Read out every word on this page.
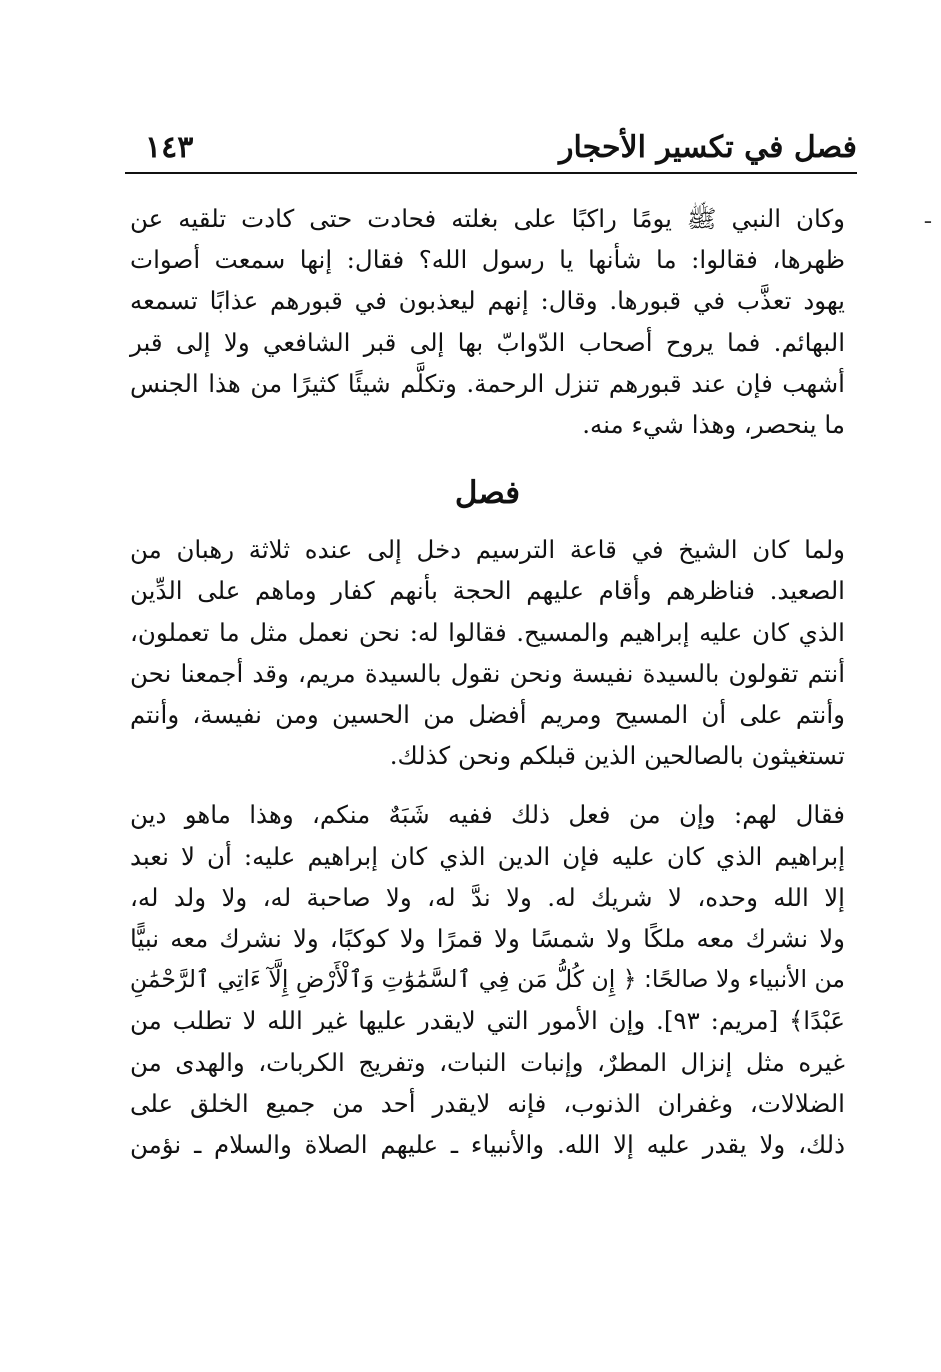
فصل في تكسير الأحجار
١٤٣
ـ
وكان النبي ﷺ يومًا راكبًا على بغلته فحادت حتى كادت تلقيه عن
ظهرها، فقالوا: ما شأنها يا رسول الله؟ فقال: إنها سمعت أصوات
يهود تعذَّب في قبورها. وقال: إنهم ليعذبون في قبورهم عذابًا تسمعه
البهائم. فما يروح أصحاب الدّوابّ بها إلى قبر الشافعي ولا إلى قبر
أشهب فإن عند قبورهم تنزل الرحمة. وتكلَّم شيئًا كثيرًا من هذا الجنس
ما ينحصر، وهذا شيء منه.
فصل
ولما كان الشيخ في قاعة الترسيم دخل إلى عنده ثلاثة رهبان من
الصعيد. فناظرهم وأقام عليهم الحجة بأنهم كفار وماهم على الدِّين
الذي كان عليه إبراهيم والمسيح. فقالوا له: نحن نعمل مثل ما تعملون،
أنتم تقولون بالسيدة نفيسة ونحن نقول بالسيدة مريم، وقد أجمعنا نحن
وأنتم على أن المسيح ومريم أفضل من الحسين ومن نفيسة، وأنتم
تستغيثون بالصالحين الذين قبلكم ونحن كذلك.
فقال لهم: وإن من فعل ذلك ففيه شَبَهٌ منكم، وهذا ماهو دين
إبراهيم الذي كان عليه فإن الدين الذي كان إبراهيم عليه: أن لا نعبد
إلا الله وحده، لا شريك له. ولا ندَّ له، ولا صاحبة له، ولا ولد له،
ولا نشرك معه ملكًا ولا شمسًا ولا قمرًا ولا كوكبًا، ولا نشرك معه نبيًّا
من الأنبياء ولا صالحًا: ﴿ إِن كُلُّ مَن فِي ٱلسَّمَٰوَٰتِ وَٱلْأَرْضِ إِلَّآ ءَاتِي ٱلرَّحْمَٰنِ
عَبْدًا﴾ [مريم: ٩٣]. وإن الأمور التي لايقدر عليها غير الله لا تطلب من
غيره مثل إنزال المطرٌ، وإنبات النبات، وتفريج الكربات، والهدى من
الضلالات، وغفران الذنوب، فإنه لايقدر أحد من جميع الخلق على
ذلك، ولا يقدر عليه إلا الله. والأنبياء ـ عليهم الصلاة والسلام ـ نؤمن
